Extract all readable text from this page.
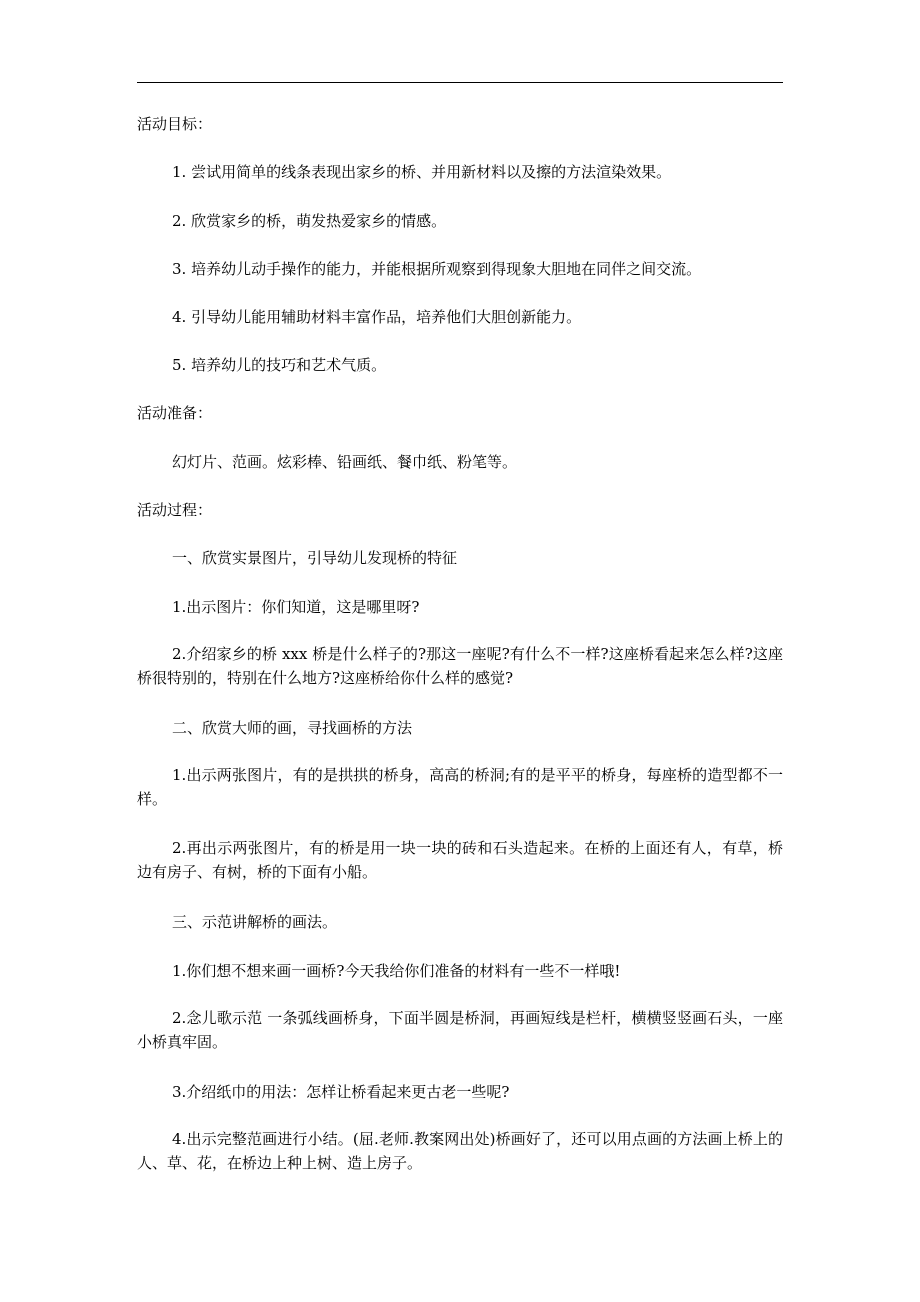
活动目标：
1. 尝试用简单的线条表现出家乡的桥、并用新材料以及擦的方法渲染效果。
2. 欣赏家乡的桥，萌发热爱家乡的情感。
3. 培养幼儿动手操作的能力，并能根据所观察到得现象大胆地在同伴之间交流。
4. 引导幼儿能用辅助材料丰富作品，培养他们大胆创新能力。
5. 培养幼儿的技巧和艺术气质。
活动准备：
幻灯片、范画。炫彩棒、铅画纸、餐巾纸、粉笔等。
活动过程：
一、欣赏实景图片，引导幼儿发现桥的特征
1.出示图片：你们知道，这是哪里呀?
2.介绍家乡的桥 xxx 桥是什么样子的?那这一座呢?有什么不一样?这座桥看起来怎么样?这座桥很特别的，特别在什么地方?这座桥给你什么样的感觉?
二、欣赏大师的画，寻找画桥的方法
1.出示两张图片，有的是拱拱的桥身，高高的桥洞;有的是平平的桥身，每座桥的造型都不一样。
2.再出示两张图片，有的桥是用一块一块的砖和石头造起来。在桥的上面还有人，有草，桥边有房子、有树，桥的下面有小船。
三、示范讲解桥的画法。
1.你们想不想来画一画桥?今天我给你们准备的材料有一些不一样哦!
2.念儿歌示范 一条弧线画桥身，下面半圆是桥洞，再画短线是栏杆，横横竖竖画石头，一座小桥真牢固。
3.介绍纸巾的用法：怎样让桥看起来更古老一些呢?
4.出示完整范画进行小结。(屈.老师.教案网出处)桥画好了，还可以用点画的方法画上桥上的人、草、花，在桥边上种上树、造上房子。
